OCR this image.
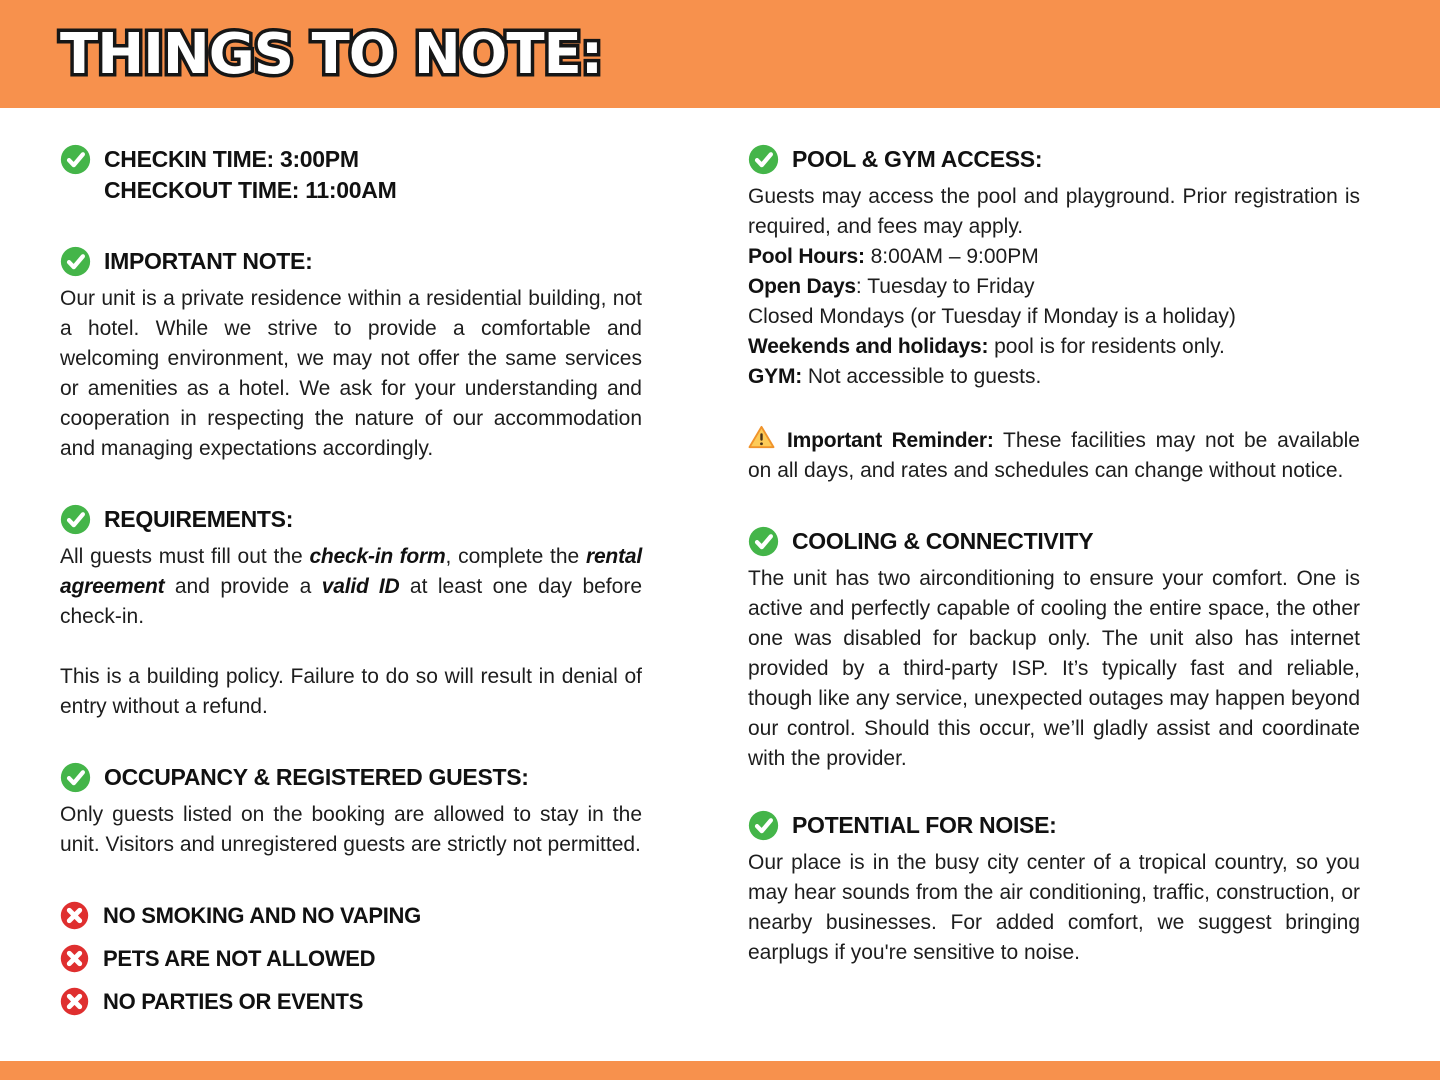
THINGS TO NOTE: THINGS TO NOTE:
CHECKIN TIME: 3:00PM
CHECKOUT TIME: 11:00AM
IMPORTANT NOTE:

Our unit is a private residence within a residential building, not a hotel. While we strive to provide a comfortable and welcoming environment, we may not offer the same services or amenities as a hotel. We ask for your understanding and cooperation in respecting the nature of our accommodation and managing expectations accordingly.

REQUIREMENTS:

All guests must fill out the check-in form, complete the rental agreement and provide a valid ID at least one day before check-in.

This is a building policy. Failure to do so will result in denial of entry without a refund.

OCCUPANCY & REGISTERED GUESTS:

Only guests listed on the booking are allowed to stay in the unit. Visitors and unregistered guests are strictly not permitted.

NO SMOKING AND NO VAPING
PETS ARE NOT ALLOWED
NO PARTIES OR EVENTS
POOL & GYM ACCESS:

Guests may access the pool and playground. Prior registration is required, and fees may apply.

Pool Hours: 8:00AM – 9:00PM

Open Days: Tuesday to Friday

Closed Mondays (or Tuesday if Monday is a holiday)

Weekends and holidays: pool is for residents only.

GYM: Not accessible to guests.

Important Reminder: These facilities may not be available on all days, and rates and schedules can change without notice.

COOLING & CONNECTIVITY

The unit has two airconditioning to ensure your comfort. One is active and perfectly capable of cooling the entire space, the other one was disabled for backup only. The unit also has internet provided by a third-party ISP. It’s typically fast and reliable, though like any service, unexpected outages may happen beyond our control. Should this occur, we’ll gladly assist and coordinate with the provider.

POTENTIAL FOR NOISE:

Our place is in the busy city center of a tropical country, so you may hear sounds from the air conditioning, traffic, construction, or nearby businesses. For added comfort, we suggest bringing earplugs if you're sensitive to noise.
